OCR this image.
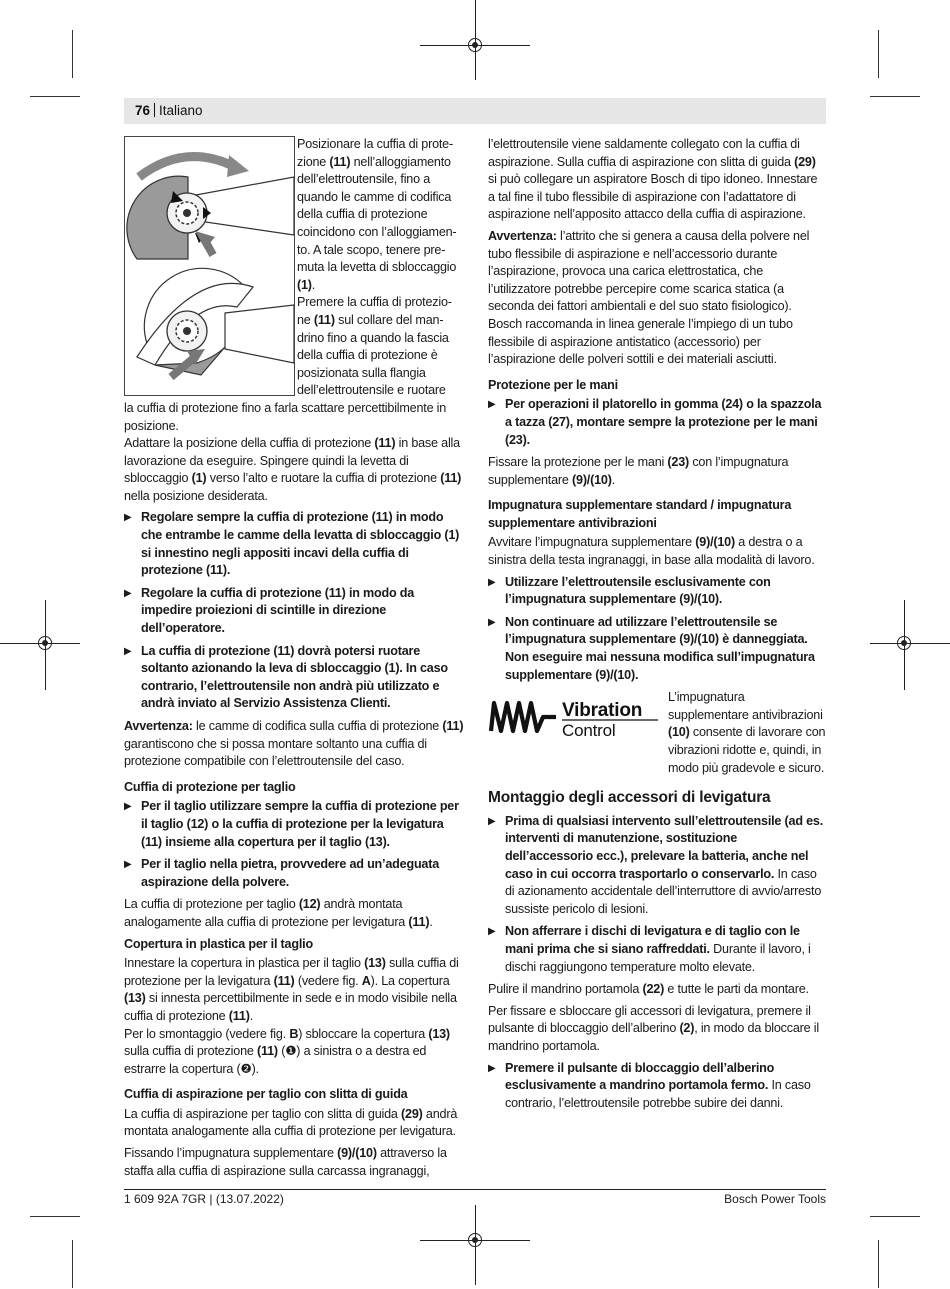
76 Italiano

Posizionare la cuffia di prote-
zione (11) nell’alloggiamento
dell’elettroutensile, fino a
quando le camme di codifica
della cuffia di protezione
coincidono con l’alloggiamen-
to. A tale scopo, tenere pre-
muta la levetta di sbloccaggio
(1).

Premere la cuffia di protezio-
ne (11) sul collare del man-
drino fino a quando la fascia
della cuffia di protezione è
posizionata sulla flangia
dell’elettroutensile e ruotare
la cuffia di protezione fino a farla scattare percettibilmente in
posizione.

Adattare la posizione della cuffia di protezione (11) in base alla lavorazione da eseguire. Spingere quindi la levetta di sbloccaggio (1) verso l’alto e ruotare la cuffia di protezione (11) nella posizione desiderata.

▶ Regolare sempre la cuffia di protezione (11) in modo che entrambe le camme della levatta di sbloccaggio (1) si innestino negli appositi incavi della cuffia di protezione (11).
▶ Regolare la cuffia di protezione (11) in modo da impedire proiezioni di scintille in direzione dell’operatore.
▶ La cuffia di protezione (11) dovrà potersi ruotare soltanto azionando la leva di sbloccaggio (1). In caso contrario, l’elettroutensile non andrà più utilizzato e andrà inviato al Servizio Assistenza Clienti.

Avvertenza: le camme di codifica sulla cuffia di protezione (11) garantiscono che si possa montare soltanto una cuffia di protezione compatibile con l’elettroutensile del caso.

Cuffia di protezione per taglio
▶ Per il taglio utilizzare sempre la cuffia di protezione per il taglio (12) o la cuffia di protezione per la levigatura (11) insieme alla copertura per il taglio (13).
▶ Per il taglio nella pietra, provvedere ad un’adeguata aspirazione della polvere.

La cuffia di protezione per taglio (12) andrà montata analogamente alla cuffia di protezione per levigatura (11).

Copertura in plastica per il taglio

Innestare la copertura in plastica per il taglio (13) sulla cuffia di protezione per la levigatura (11) (vedere fig. A). La copertura (13) si innesta percettibilmente in sede e in modo visibile nella cuffia di protezione (11).

Per lo smontaggio (vedere fig. B) sbloccare la copertura (13) sulla cuffia di protezione (11) (❶) a sinistra o a destra ed estrarre la copertura (❷).

Cuffia di aspirazione per taglio con slitta di guida

La cuffia di aspirazione per taglio con slitta di guida (29) andrà montata analogamente alla cuffia di protezione per levigatura.

Fissando l’impugnatura supplementare (9)/(10) attraverso la staffa alla cuffia di aspirazione sulla carcassa ingranaggi,

l’elettroutensile viene saldamente collegato con la cuffia di aspirazione. Sulla cuffia di aspirazione con slitta di guida (29) si può collegare un aspiratore Bosch di tipo idoneo. Innestare a tal fine il tubo flessibile di aspirazione con l’adattatore di aspirazione nell’apposito attacco della cuffia di aspirazione.

Avvertenza: l’attrito che si genera a causa della polvere nel tubo flessibile di aspirazione e nell’accessorio durante l’aspirazione, provoca una carica elettrostatica, che l’utilizzatore potrebbe percepire come scarica statica (a seconda dei fattori ambientali e del suo stato fisiologico). Bosch raccomanda in linea generale l’impiego di un tubo flessibile di aspirazione antistatico (accessorio) per l’aspirazione delle polveri sottili e dei materiali asciutti.

Protezione per le mani
▶ Per operazioni il platorello in gomma (24) o la spazzola a tazza (27), montare sempre la protezione per le mani (23).

Fissare la protezione per le mani (23) con l’impugnatura supplementare (9)/(10).

Impugnatura supplementare standard / impugnatura supplementare antivibrazioni

Avvitare l’impugnatura supplementare (9)/(10) a destra o a sinistra della testa ingranaggi, in base alla modalità di lavoro.

▶ Utilizzare l’elettroutensile esclusivamente con l’impugnatura supplementare (9)/(10).
▶ Non continuare ad utilizzare l’elettroutensile se l’impugnatura supplementare (9)/(10) è danneggiata. Non eseguire mai nessuna modifica sull’impugnatura supplementare (9)/(10).
Vibration
Control

L’impugnatura supplementare antivibrazioni (10) consente di lavorare con vibrazioni ridotte e, quindi, in modo più gradevole e sicuro.

Montaggio degli accessori di levigatura
▶ Prima di qualsiasi intervento sull’elettroutensile (ad es. interventi di manutenzione, sostituzione dell’accessorio ecc.), prelevare la batteria, anche nel caso in cui occorra trasportarlo o conservarlo. In caso di azionamento accidentale dell’interruttore di avvio/arresto sussiste pericolo di lesioni.
▶ Non afferrare i dischi di levigatura e di taglio con le mani prima che si siano raffreddati. Durante il lavoro, i dischi raggiungono temperature molto elevate.

Pulire il mandrino portamola (22) e tutte le parti da montare.

Per fissare e sbloccare gli accessori di levigatura, premere il pulsante di bloccaggio dell’alberino (2), in modo da bloccare il mandrino portamola.

▶ Premere il pulsante di bloccaggio dell’alberino esclusivamente a mandrino portamola fermo. In caso contrario, l’elettroutensile potrebbe subire dei danni.
1 609 92A 7GR | (13.07.2022)	Bosch Power Tools
